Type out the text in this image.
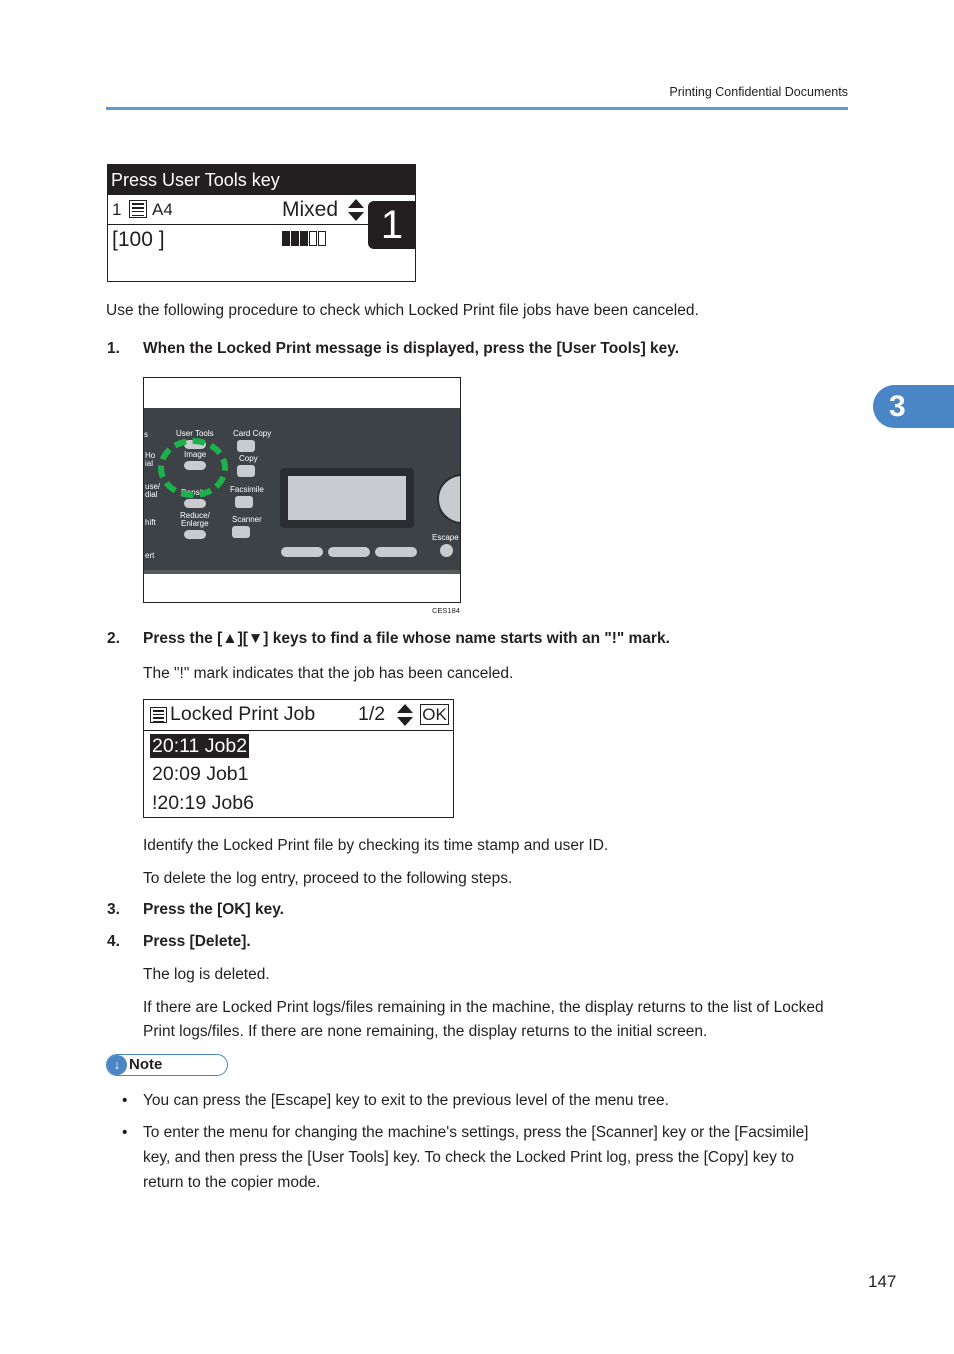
Printing Confidential Documents
3
Press User Tools key
1 A4	Mixed
[100 ]	1
Use the following procedure to check which Locked Print file jobs have been canceled.
1. When the Locked Print message is displayed, press the [User Tools] key.
s
Ho
ial
use/
dial
hift
ert
User Tools
Image
Density
Reduce/
Enlarge
Card Copy
Copy
Facsimile
Scanner
Escape
CES184
2. Press the [▲][▼] keys to find a file whose name starts with an "!" mark.
The "!" mark indicates that the job has been canceled.
Locked Print Job 1/2 OK
20:11 Job2
20:09 Job1
!20:19 Job6
Identify the Locked Print file by checking its time stamp and user ID.
To delete the log entry, proceed to the following steps.
3. Press the [OK] key.
4. Press [Delete].
The log is deleted.
If there are Locked Print logs/files remaining in the machine, the display returns to the list of Locked
Print logs/files. If there are none remaining, the display returns to the initial screen.
↓ Note
• You can press the [Escape] key to exit to the previous level of the menu tree.
• To enter the menu for changing the machine's settings, press the [Scanner] key or the [Facsimile]
key, and then press the [User Tools] key. To check the Locked Print log, press the [Copy] key to
return to the copier mode.
147
